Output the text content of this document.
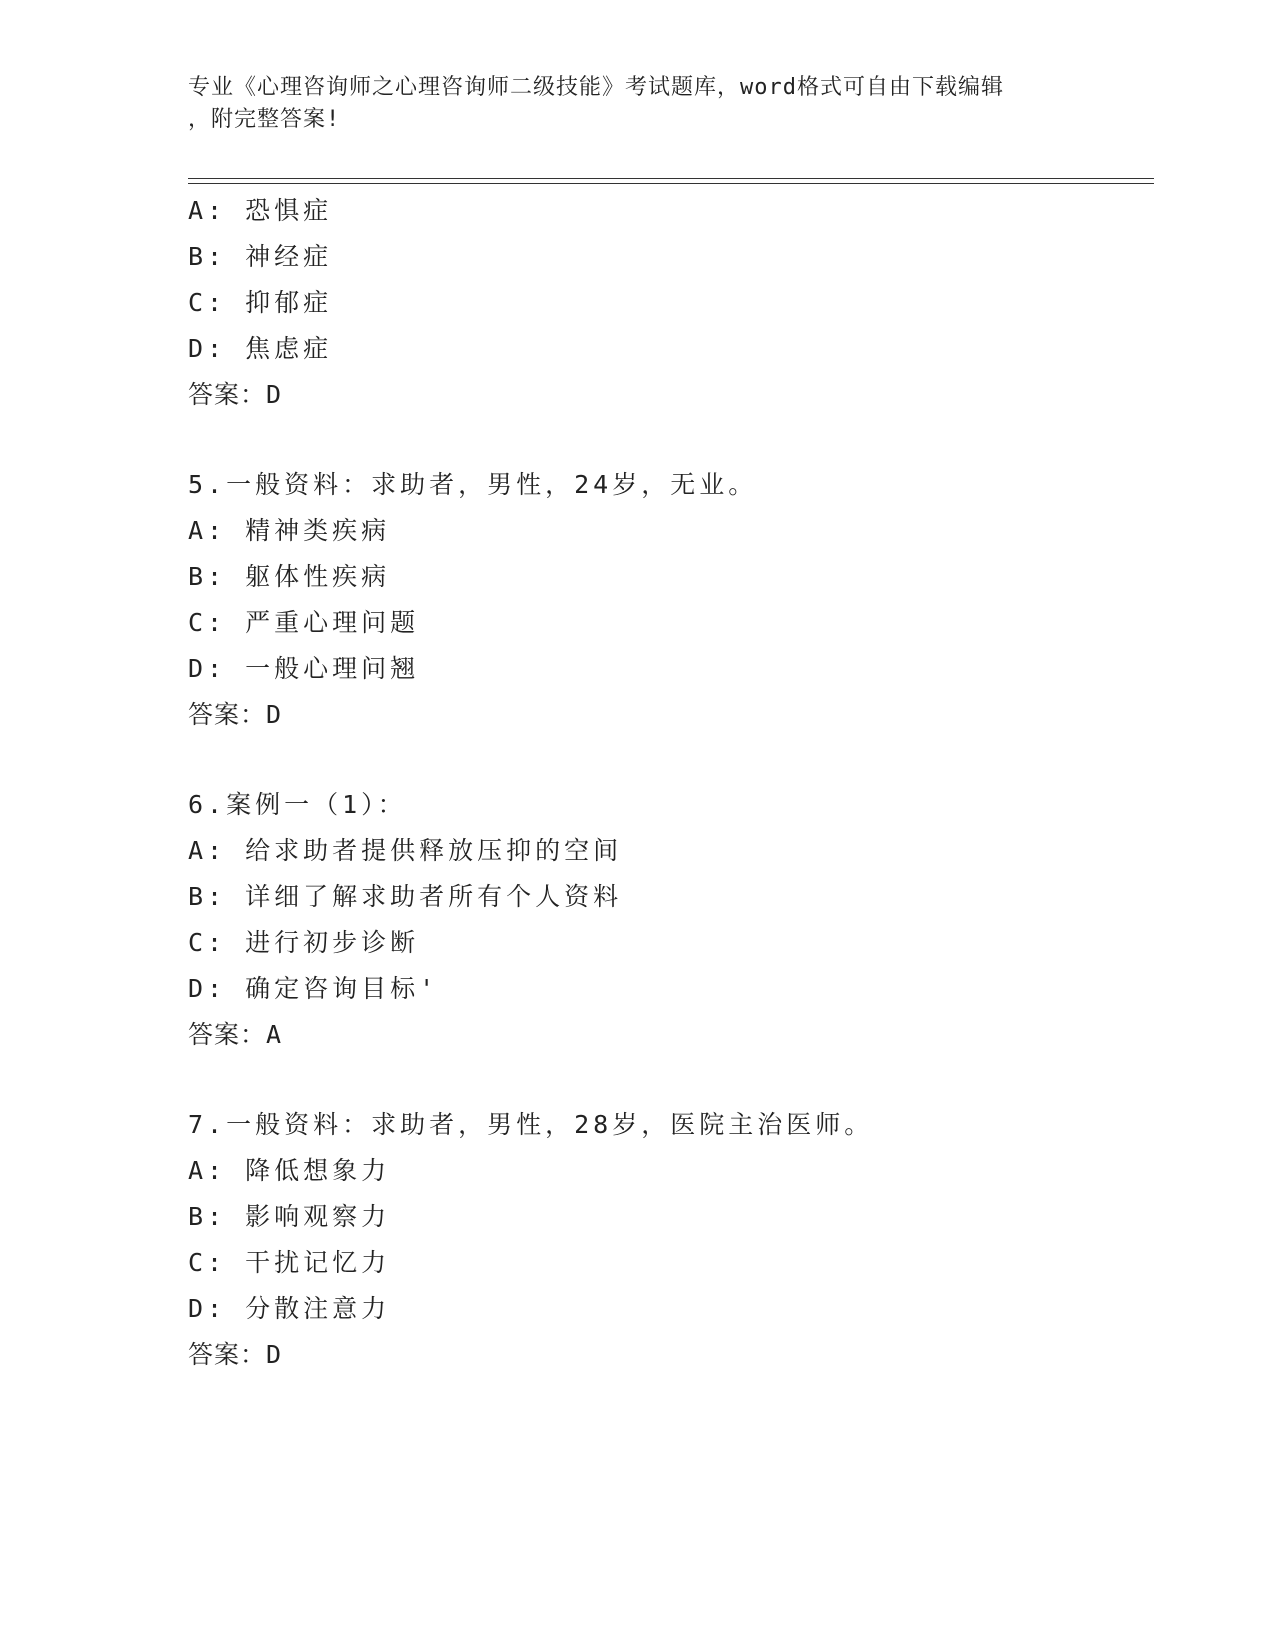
专业《心理咨询师之心理咨询师二级技能》考试题库，word格式可自由下载编辑
，附完整答案!
A: 恐惧症
B: 神经症
C: 抑郁症
D: 焦虑症
答案：D
5.一般资料：求助者，男性，24岁，无业。
A: 精神类疾病
B: 躯体性疾病
C: 严重心理问题
D: 一般心理问翘
答案：D
6.案例一（1）：
A: 给求助者提供释放压抑的空间
B: 详细了解求助者所有个人资料
C: 进行初步诊断
D: 确定咨询目标'
答案：A
7.一般资料：求助者，男性，28岁，医院主治医师。
A: 降低想象力
B: 影响观察力
C: 干扰记忆力
D: 分散注意力
答案：D
